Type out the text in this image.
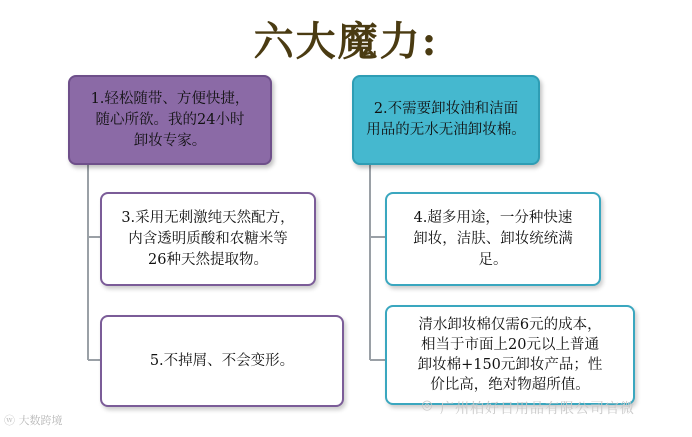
六大魔力:
1.轻松随带、方便快捷，
随心所欲。我的24小时
卸妆专家。
2.不需要卸妆油和洁面
用品的无水无油卸妆棉。
3.采用无刺激纯天然配方，
内含透明质酸和农糖米等
26种天然提取物。
4.超多用途，一分种快速
卸妆，洁肤、卸妆统统满
足。
5.不掉屑、不会变形。
清水卸妆棉仅需6元的成本，
相当于市面上20元以上普通
卸妆棉+150元卸妆产品；性
价比高，绝对物超所值。
ⓦ 大数跨境
◎ 广州柏好日用品有限公司官微
